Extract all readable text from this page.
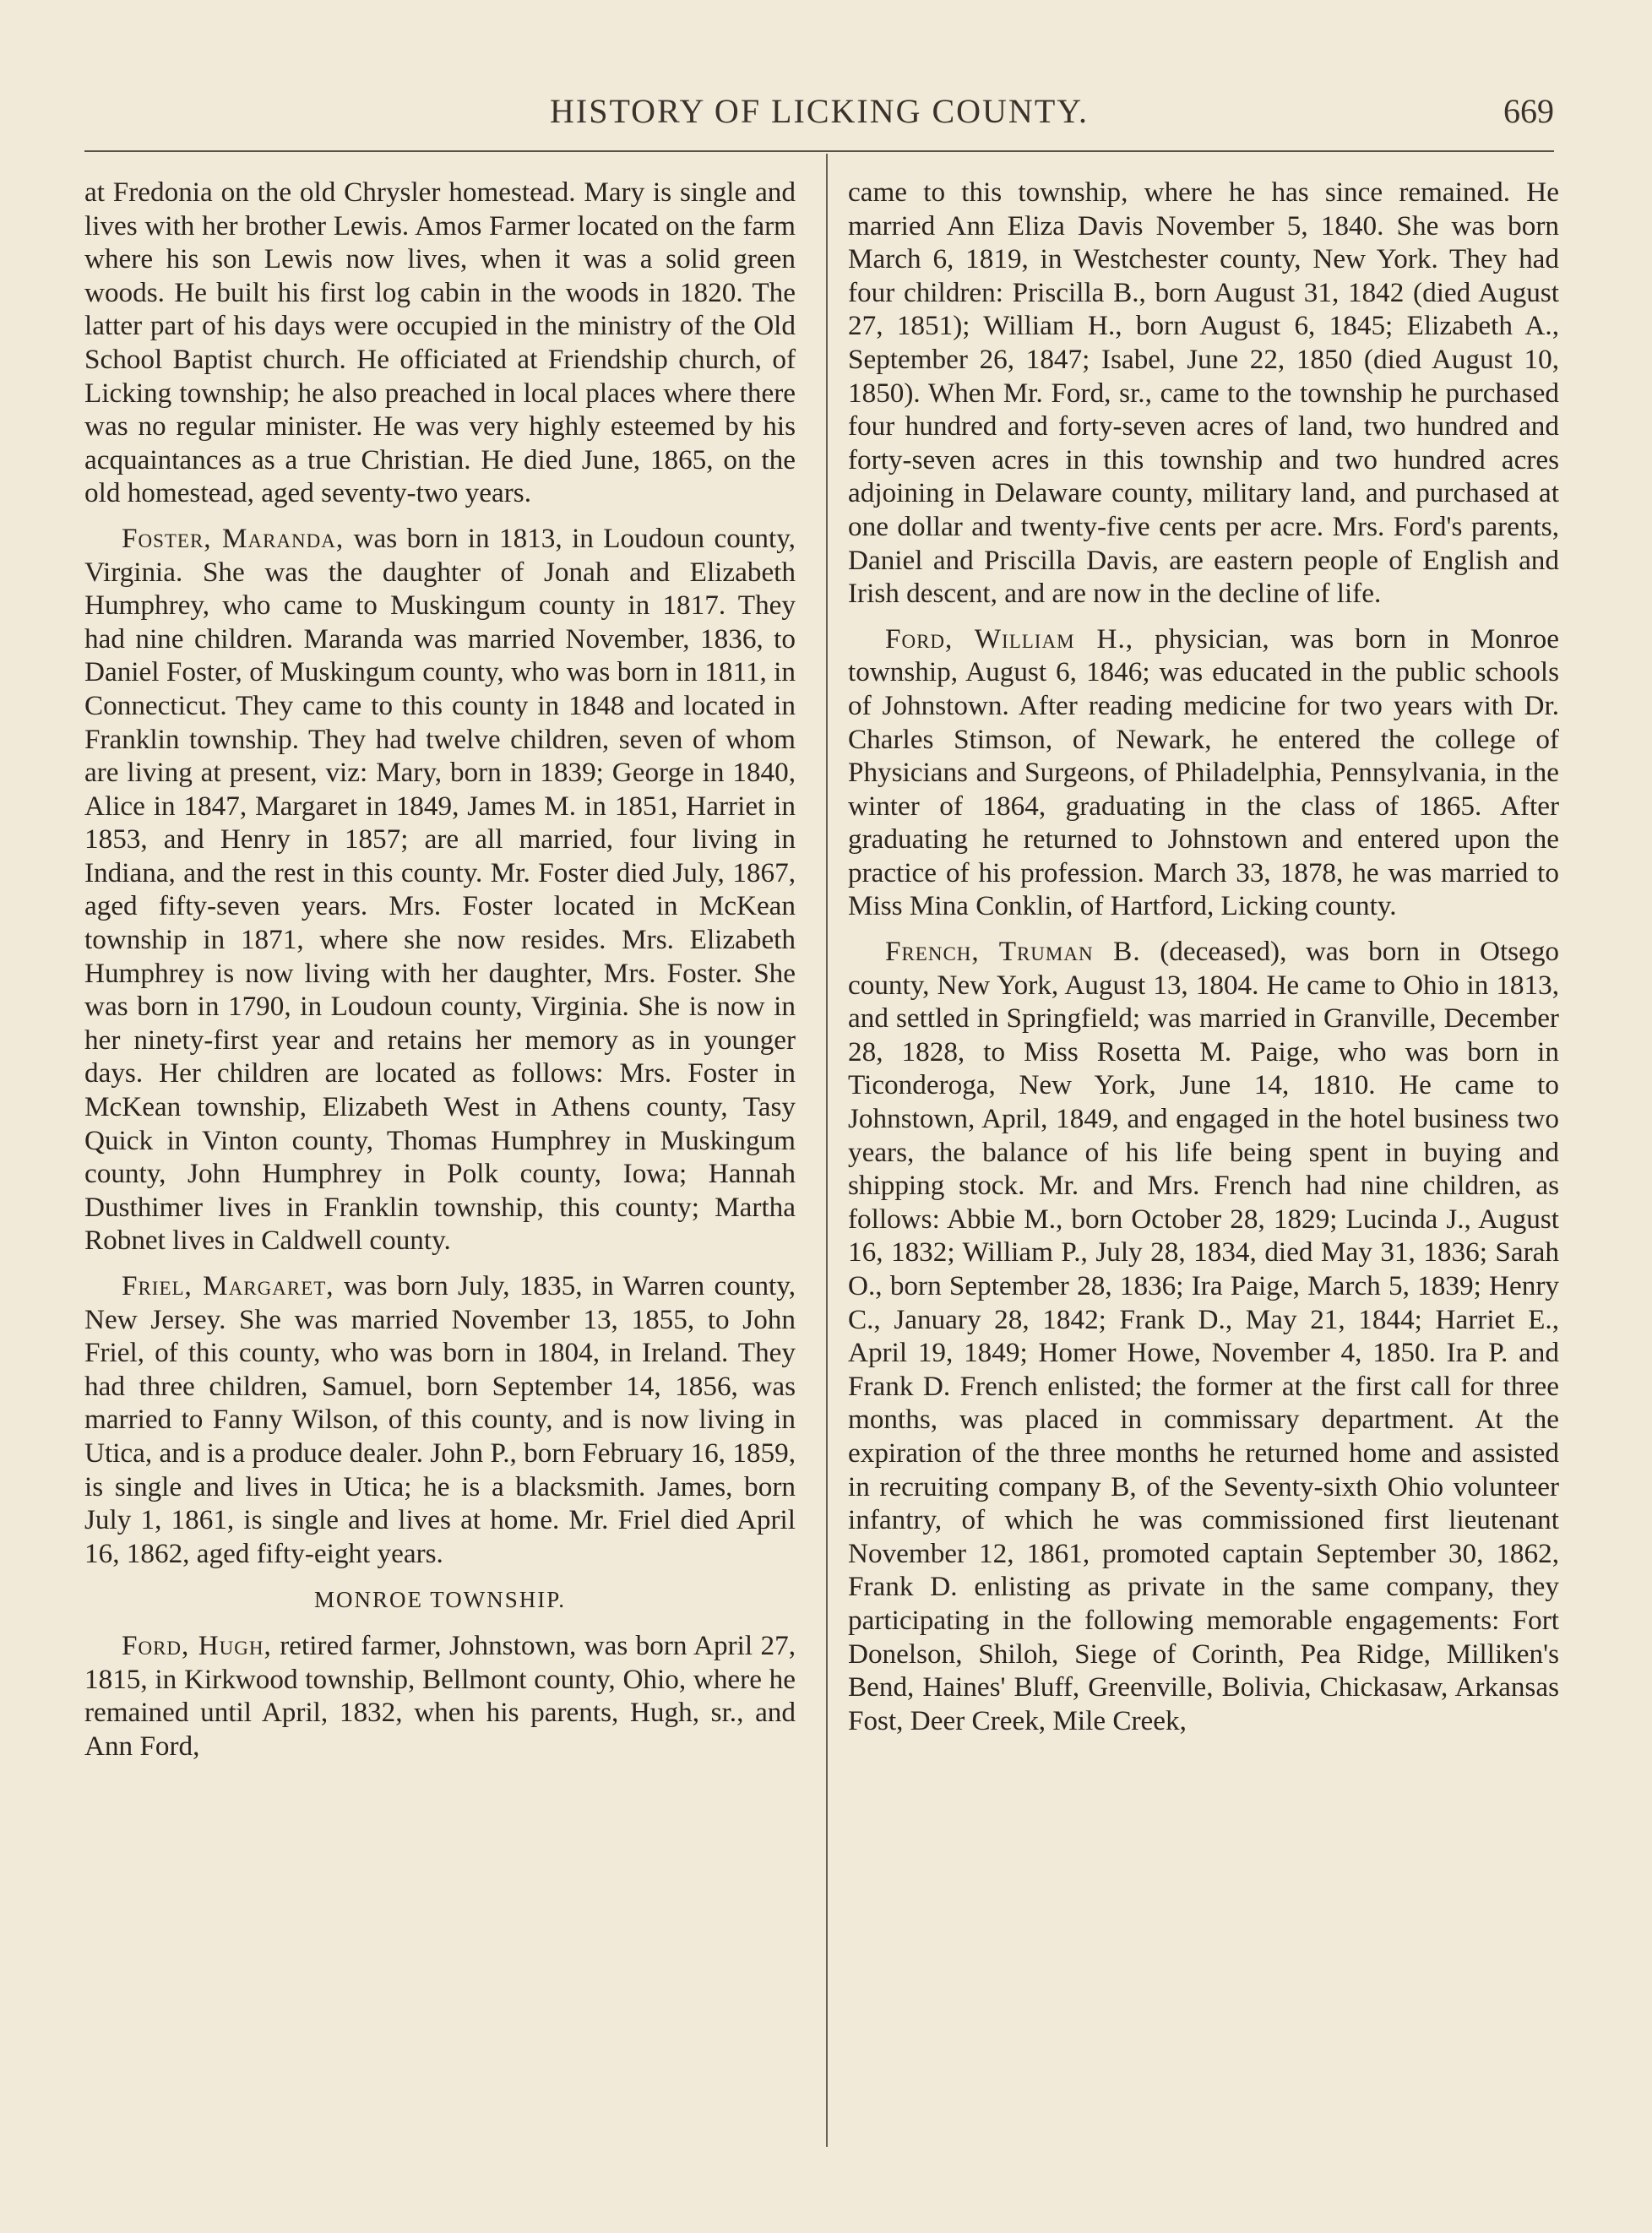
HISTORY OF LICKING COUNTY.	669

at Fredonia on the old Chrysler homestead. Mary is single and lives with her brother Lewis. Amos Farmer located on the farm where his son Lewis now lives, when it was a solid green woods. He built his first log cabin in the woods in 1820. The latter part of his days were occupied in the ministry of the Old School Baptist church. He officiated at Friendship church, of Licking township; he also preached in local places where there was no regular minister. He was very highly esteemed by his acquaintances as a true Christian. He died June, 1865, on the old homestead, aged seventy-two years.

Foster, Maranda, was born in 1813, in Loudoun county, Virginia. She was the daughter of Jonah and Elizabeth Humphrey, who came to Muskingum county in 1817. They had nine children. Maranda was married November, 1836, to Daniel Foster, of Muskingum county, who was born in 1811, in Connecticut. They came to this county in 1848 and located in Franklin township. They had twelve children, seven of whom are living at present, viz: Mary, born in 1839; George in 1840, Alice in 1847, Margaret in 1849, James M. in 1851, Harriet in 1853, and Henry in 1857; are all married, four living in Indiana, and the rest in this county. Mr. Foster died July, 1867, aged fifty-seven years. Mrs. Foster located in McKean township in 1871, where she now resides. Mrs. Elizabeth Humphrey is now living with her daughter, Mrs. Foster. She was born in 1790, in Loudoun county, Virginia. She is now in her ninety-first year and retains her memory as in younger days. Her children are located as follows: Mrs. Foster in McKean township, Elizabeth West in Athens county, Tasy Quick in Vinton county, Thomas Humphrey in Muskingum county, John Humphrey in Polk county, Iowa; Hannah Dusthimer lives in Franklin township, this county; Martha Robnet lives in Caldwell county.

Friel, Margaret, was born July, 1835, in Warren county, New Jersey. She was married November 13, 1855, to John Friel, of this county, who was born in 1804, in Ireland. They had three children, Samuel, born September 14, 1856, was married to Fanny Wilson, of this county, and is now living in Utica, and is a produce dealer. John P., born February 16, 1859, is single and lives in Utica; he is a blacksmith. James, born July 1, 1861, is single and lives at home. Mr. Friel died April 16, 1862, aged fifty-eight years.

MONROE TOWNSHIP.

Ford, Hugh, retired farmer, Johnstown, was born April 27, 1815, in Kirkwood township, Bellmont county, Ohio, where he remained until April, 1832, when his parents, Hugh, sr., and Ann Ford,

came to this township, where he has since remained. He married Ann Eliza Davis November 5, 1840. She was born March 6, 1819, in Westchester county, New York. They had four children: Priscilla B., born August 31, 1842 (died August 27, 1851); William H., born August 6, 1845; Elizabeth A., September 26, 1847; Isabel, June 22, 1850 (died August 10, 1850). When Mr. Ford, sr., came to the township he purchased four hundred and forty-seven acres of land, two hundred and forty-seven acres in this township and two hundred acres adjoining in Delaware county, military land, and purchased at one dollar and twenty-five cents per acre. Mrs. Ford's parents, Daniel and Priscilla Davis, are eastern people of English and Irish descent, and are now in the decline of life.

Ford, William H., physician, was born in Monroe township, August 6, 1846; was educated in the public schools of Johnstown. After reading medicine for two years with Dr. Charles Stimson, of Newark, he entered the college of Physicians and Surgeons, of Philadelphia, Pennsylvania, in the winter of 1864, graduating in the class of 1865. After graduating he returned to Johnstown and entered upon the practice of his profession. March 33, 1878, he was married to Miss Mina Conklin, of Hartford, Licking county.

French, Truman B. (deceased), was born in Otsego county, New York, August 13, 1804. He came to Ohio in 1813, and settled in Springfield; was married in Granville, December 28, 1828, to Miss Rosetta M. Paige, who was born in Ticonderoga, New York, June 14, 1810. He came to Johnstown, April, 1849, and engaged in the hotel business two years, the balance of his life being spent in buying and shipping stock. Mr. and Mrs. French had nine children, as follows: Abbie M., born October 28, 1829; Lucinda J., August 16, 1832; William P., July 28, 1834, died May 31, 1836; Sarah O., born September 28, 1836; Ira Paige, March 5, 1839; Henry C., January 28, 1842; Frank D., May 21, 1844; Harriet E., April 19, 1849; Homer Howe, November 4, 1850. Ira P. and Frank D. French enlisted; the former at the first call for three months, was placed in commissary department. At the expiration of the three months he returned home and assisted in recruiting company B, of the Seventy-sixth Ohio volunteer infantry, of which he was commissioned first lieutenant November 12, 1861, promoted captain September 30, 1862, Frank D. enlisting as private in the same company, they participating in the following memorable engagements: Fort Donelson, Shiloh, Siege of Corinth, Pea Ridge, Milliken's Bend, Haines' Bluff, Greenville, Bolivia, Chickasaw, Arkansas Fost, Deer Creek, Mile Creek,
